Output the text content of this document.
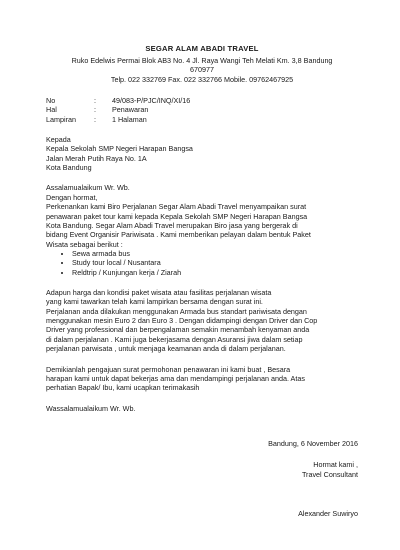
SEGAR ALAM ABADI TRAVEL
Ruko Edelwis Permai Blok AB3 No. 4 Jl. Raya Wangi Teh Melati Km. 3,8 Bandung
670977
Telp. 022 332769 Fax. 022 332766 Mobile. 09762467925
No	:	49/083-P/PJC/INQ/XI/16
Hal	:	Penawaran
Lampiran	:	1 Halaman
Kepada
Kepala Sekolah SMP Negeri Harapan Bangsa
Jalan Merah Putih Raya No. 1A
Kota Bandung
Assalamualaikum Wr. Wb.
Dengan hormat,
Perkenankan kami Biro Perjalanan Segar Alam Abadi Travel menyampaikan surat
penawaran paket tour kami kepada Kepala Sekolah SMP Negeri Harapan Bangsa
Kota Bandung. Segar Alam Abadi Travel merupakan Biro jasa yang bergerak di
bidang Event Organisir Pariwisata . Kami memberikan pelayan dalam bentuk Paket
Wisata sebagai berikut :
• Sewa armada bus
• Study tour local / Nusantara
• Reldtrip / Kunjungan kerja / Ziarah
Adapun harga dan kondisi paket wisata atau fasilitas perjalanan wisata
yang kami tawarkan telah kami lampirkan bersama dengan surat ini.
Perjalanan anda dilakukan menggunakan Armada bus standart pariwisata dengan
menggunakan mesin Euro 2 dan Euro 3 . Dengan didampingi dengan Driver dan Cop
Driver yang professional dan berpengalaman semakin menambah kenyaman anda
di dalam perjalanan . Kami juga bekerjasama dengan Asuransi jiwa dalam setiap
perjalanan parwisata , untuk menjaga keamanan anda di dalam perjalanan.
Demikianlah pengajuan surat permohonan penawaran ini kami buat , Besara
harapan kami untuk dapat bekerjas ama dan mendampingi perjalanan anda. Atas
perhatian Bapak/ Ibu, kami ucapkan terimakasih
Wassalamualaikum Wr. Wb.
Bandung, 6 November 2016
Hormat kami ,
Travel Consultant
Alexander Suwiryo
